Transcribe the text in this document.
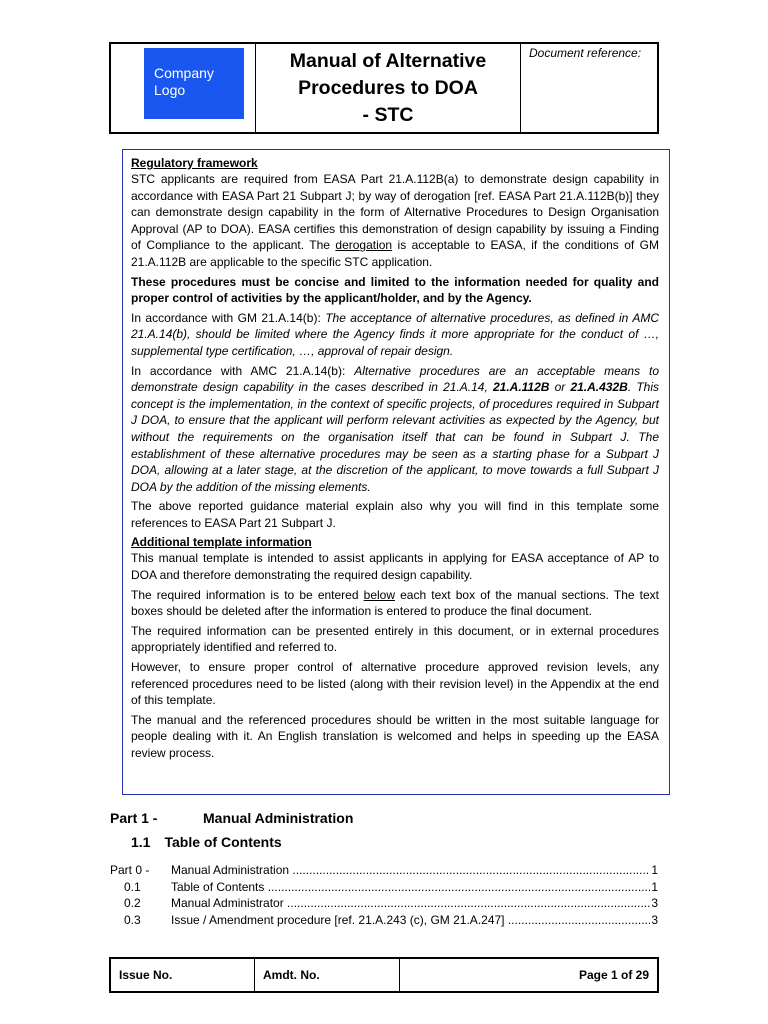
Company Logo
Manual of Alternative
Procedures to DOA
- STC
Document reference:
Regulatory framework

STC applicants are required from EASA Part 21.A.112B(a) to demonstrate design capability in accordance with EASA Part 21 Subpart J; by way of derogation [ref. EASA Part 21.A.112B(b)] they can demonstrate design capability in the form of Alternative Procedures to Design Organisation Approval (AP to DOA). EASA certifies this demonstration of design capability by issuing a Finding of Compliance to the applicant. The derogation is acceptable to EASA, if the conditions of GM 21.A.112B are applicable to the specific STC application.

These procedures must be concise and limited to the information needed for quality and proper control of activities by the applicant/holder, and by the Agency.

In accordance with GM 21.A.14(b): The acceptance of alternative procedures, as defined in AMC 21.A.14(b), should be limited where the Agency finds it more appropriate for the conduct of …, supplemental type certification, …, approval of repair design.

In accordance with AMC 21.A.14(b): Alternative procedures are an acceptable means to demonstrate design capability in the cases described in 21.A.14, 21.A.112B or 21.A.432B. This concept is the implementation, in the context of specific projects, of procedures required in Subpart J DOA, to ensure that the applicant will perform relevant activities as expected by the Agency, but without the requirements on the organisation itself that can be found in Subpart J. The establishment of these alternative procedures may be seen as a starting phase for a Subpart J DOA, allowing at a later stage, at the discretion of the applicant, to move towards a full Subpart J DOA by the addition of the missing elements.

The above reported guidance material explain also why you will find in this template some references to EASA Part 21 Subpart J.

Additional template information

This manual template is intended to assist applicants in applying for EASA acceptance of AP to DOA and therefore demonstrating the required design capability.

The required information is to be entered below each text box of the manual sections. The text boxes should be deleted after the information is entered to produce the final document.

The required information can be presented entirely in this document, or in external procedures appropriately identified and referred to.

However, to ensure proper control of alternative procedure approved revision levels, any referenced procedures need to be listed (along with their revision level) in the Appendix at the end of this template.

The manual and the referenced procedures should be written in the most suitable language for people dealing with it. An English translation is welcomed and helps in speeding up the EASA review process.

Part 1 -	Manual Administration
1.1 Table of Contents
Part 0 -	Manual Administration .....	1
0.1	Table of Contents .....	1
0.2	Manual Administrator .....	3
0.3	Issue / Amendment procedure [ref. 21.A.243 (c), GM 21.A.247] .....	3
Issue No.	Amdt. No.	Page 1 of 29
